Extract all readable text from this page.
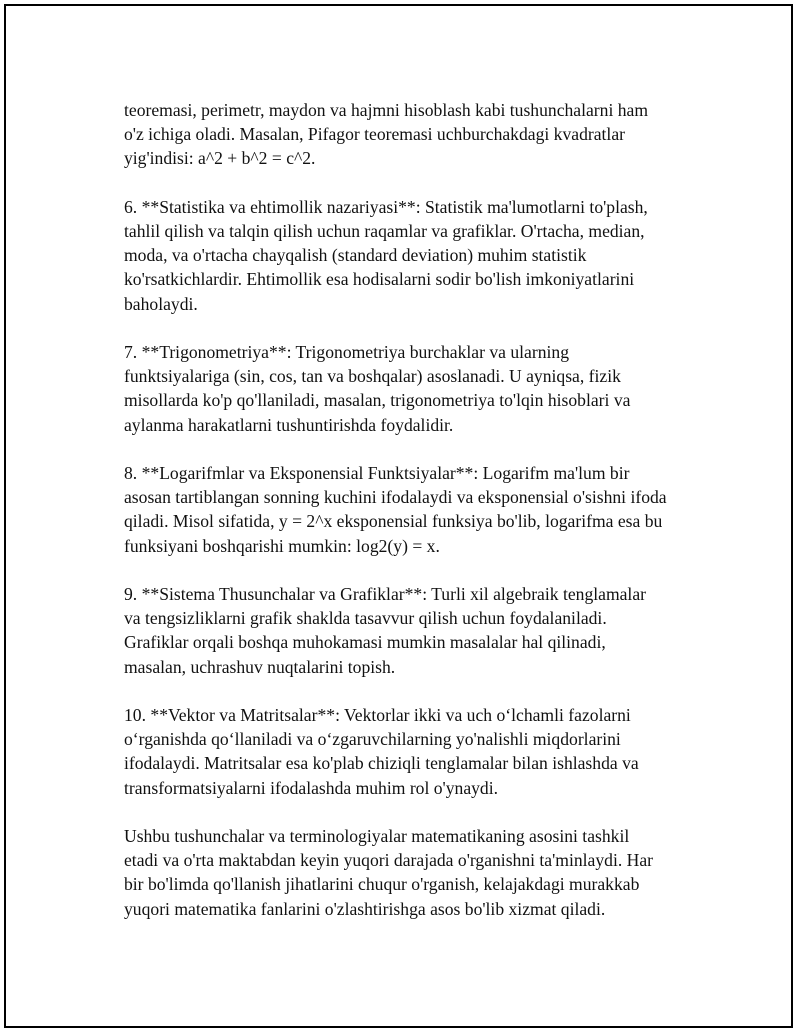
teoremasi, perimetr, maydon va hajmni hisoblash kabi tushunchalarni ham
o'z ichiga oladi. Masalan, Pifagor teoremasi uchburchakdagi kvadratlar
yig'indisi: a^2 + b^2 = c^2.

6. **Statistika va ehtimollik nazariyasi**: Statistik ma'lumotlarni to'plash,
tahlil qilish va talqin qilish uchun raqamlar va grafiklar. O'rtacha, median,
moda, va o'rtacha chayqalish (standard deviation) muhim statistik
ko'rsatkichlardir. Ehtimollik esa hodisalarni sodir bo'lish imkoniyatlarini
baholaydi.

7. **Trigonometriya**: Trigonometriya burchaklar va ularning
funktsiyalariga (sin, cos, tan va boshqalar) asoslanadi. U ayniqsa, fizik
misollarda ko'p qo'llaniladi, masalan, trigonometriya to'lqin hisoblari va
aylanma harakatlarni tushuntirishda foydalidir.

8. **Logarifmlar va Eksponensial Funktsiyalar**: Logarifm ma'lum bir
asosan tartiblangan sonning kuchini ifodalaydi va eksponensial o'sishni ifoda
qiladi. Misol sifatida, y = 2^x eksponensial funksiya bo'lib, logarifma esa bu
funksiyani boshqarishi mumkin: log2(y) = x.

9. **Sistema Thusunchalar va Grafiklar**: Turli xil algebraik tenglamalar
va tengsizliklarni grafik shaklda tasavvur qilish uchun foydalaniladi.
Grafiklar orqali boshqa muhokamasi mumkin masalalar hal qilinadi,
masalan, uchrashuv nuqtalarini topish.

10. **Vektor va Matritsalar**: Vektorlar ikki va uch o‘lchamli fazolarni
o‘rganishda qo‘llaniladi va o‘zgaruvchilarning yo'nalishli miqdorlarini
ifodalaydi. Matritsalar esa ko'plab chiziqli tenglamalar bilan ishlashda va
transformatsiyalarni ifodalashda muhim rol o'ynaydi.

Ushbu tushunchalar va terminologiyalar matematikaning asosini tashkil
etadi va o'rta maktabdan keyin yuqori darajada o'rganishni ta'minlaydi. Har
bir bo'limda qo'llanish jihatlarini chuqur o'rganish, kelajakdagi murakkab
yuqori matematika fanlarini o'zlashtirishga asos bo'lib xizmat qiladi.
